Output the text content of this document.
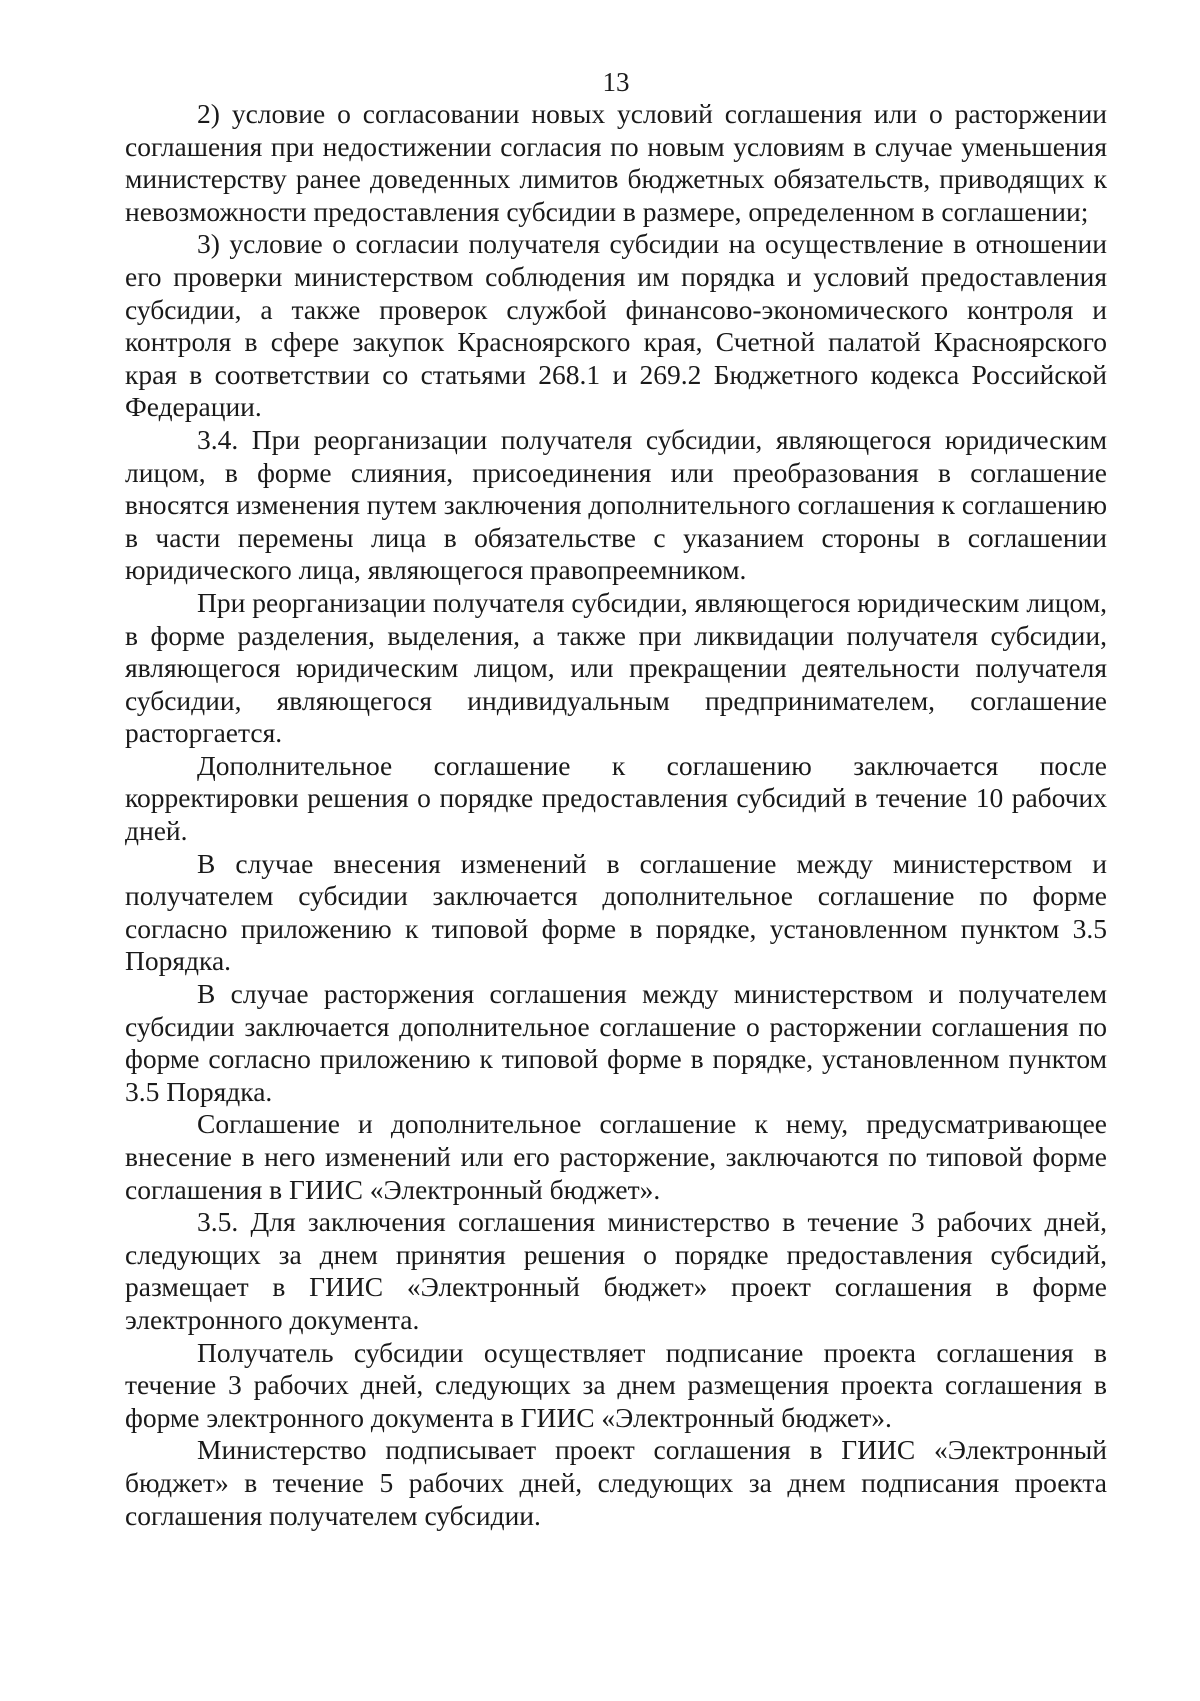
13

2) условие о согласовании новых условий соглашения или о расторжении соглашения при недостижении согласия по новым условиям в случае уменьшения министерству ранее доведенных лимитов бюджетных обязательств, приводящих к невозможности предоставления субсидии в размере, определенном в соглашении;

3) условие о согласии получателя субсидии на осуществление в отношении его проверки министерством соблюдения им порядка и условий предоставления субсидии, а также проверок службой финансово-экономического контроля и контроля в сфере закупок Красноярского края, Счетной палатой Красноярского края в соответствии со статьями 268.1 и 269.2 Бюджетного кодекса Российской Федерации.

3.4. При реорганизации получателя субсидии, являющегося юридическим лицом, в форме слияния, присоединения или преобразования в соглашение вносятся изменения путем заключения дополнительного соглашения к соглашению в части перемены лица в обязательстве с указанием стороны в соглашении юридического лица, являющегося правопреемником.

При реорганизации получателя субсидии, являющегося юридическим лицом, в форме разделения, выделения, а также при ликвидации получателя субсидии, являющегося юридическим лицом, или прекращении деятельности получателя субсидии, являющегося индивидуальным предпринимателем, соглашение расторгается.

Дополнительное соглашение к соглашению заключается после корректировки решения о порядке предоставления субсидий в течение 10 рабочих дней.

В случае внесения изменений в соглашение между министерством и получателем субсидии заключается дополнительное соглашение по форме согласно приложению к типовой форме в порядке, установленном пунктом 3.5 Порядка.

В случае расторжения соглашения между министерством и получателем субсидии заключается дополнительное соглашение о расторжении соглашения по форме согласно приложению к типовой форме в порядке, установленном пунктом 3.5 Порядка.

Соглашение и дополнительное соглашение к нему, предусматривающее внесение в него изменений или его расторжение, заключаются по типовой форме соглашения в ГИИС «Электронный бюджет».

3.5. Для заключения соглашения министерство в течение 3 рабочих дней, следующих за днем принятия решения о порядке предоставления субсидий, размещает в ГИИС «Электронный бюджет» проект соглашения в форме электронного документа.

Получатель субсидии осуществляет подписание проекта соглашения в течение 3 рабочих дней, следующих за днем размещения проекта соглашения в форме электронного документа в ГИИС «Электронный бюджет».

Министерство подписывает проект соглашения в ГИИС «Электронный бюджет» в течение 5 рабочих дней, следующих за днем подписания проекта соглашения получателем субсидии.
